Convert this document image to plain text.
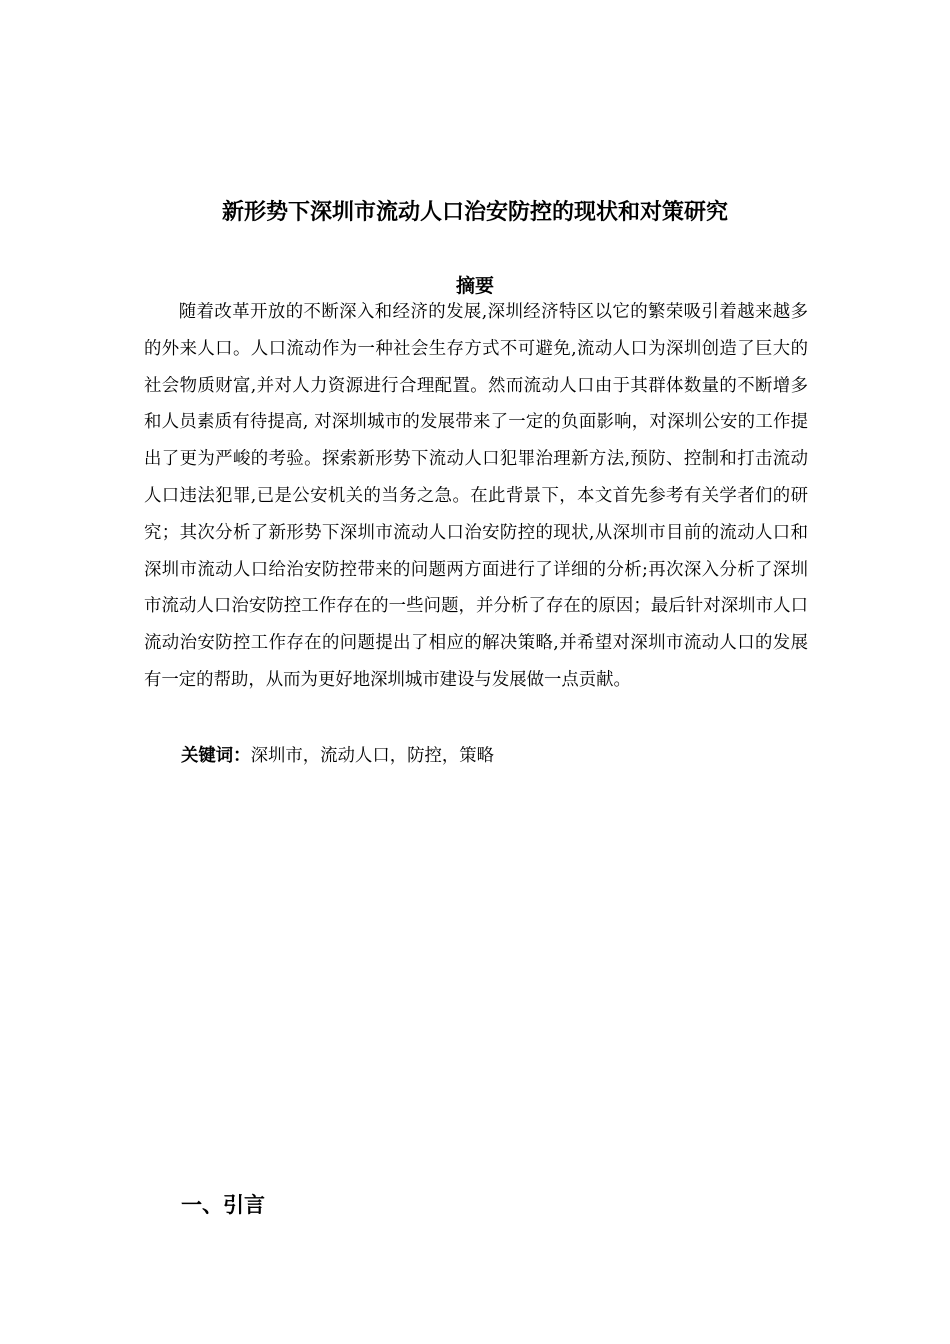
新形势下深圳市流动人口治安防控的现状和对策研究
摘要

随着改革开放的不断深入和经济的发展,深圳经济特区以它的繁荣吸引着越来越多的外来人口。人口流动作为一种社会生存方式不可避免,流动人口为深圳创造了巨大的社会物质财富,并对人力资源进行合理配置。然而流动人口由于其群体数量的不断增多和人员素质有待提高, 对深圳城市的发展带来了一定的负面影响，对深圳公安的工作提出了更为严峻的考验。探索新形势下流动人口犯罪治理新方法,预防、控制和打击流动人口违法犯罪,已是公安机关的当务之急。在此背景下，本文首先参考有关学者们的研究；其次分析了新形势下深圳市流动人口治安防控的现状,从深圳市目前的流动人口和深圳市流动人口给治安防控带来的问题两方面进行了详细的分析;再次深入分析了深圳市流动人口治安防控工作存在的一些问题，并分析了存在的原因；最后针对深圳市人口流动治安防控工作存在的问题提出了相应的解决策略,并希望对深圳市流动人口的发展有一定的帮助，从而为更好地深圳城市建设与发展做一点贡献。

关键词：深圳市，流动人口，防控，策略
一、引言
